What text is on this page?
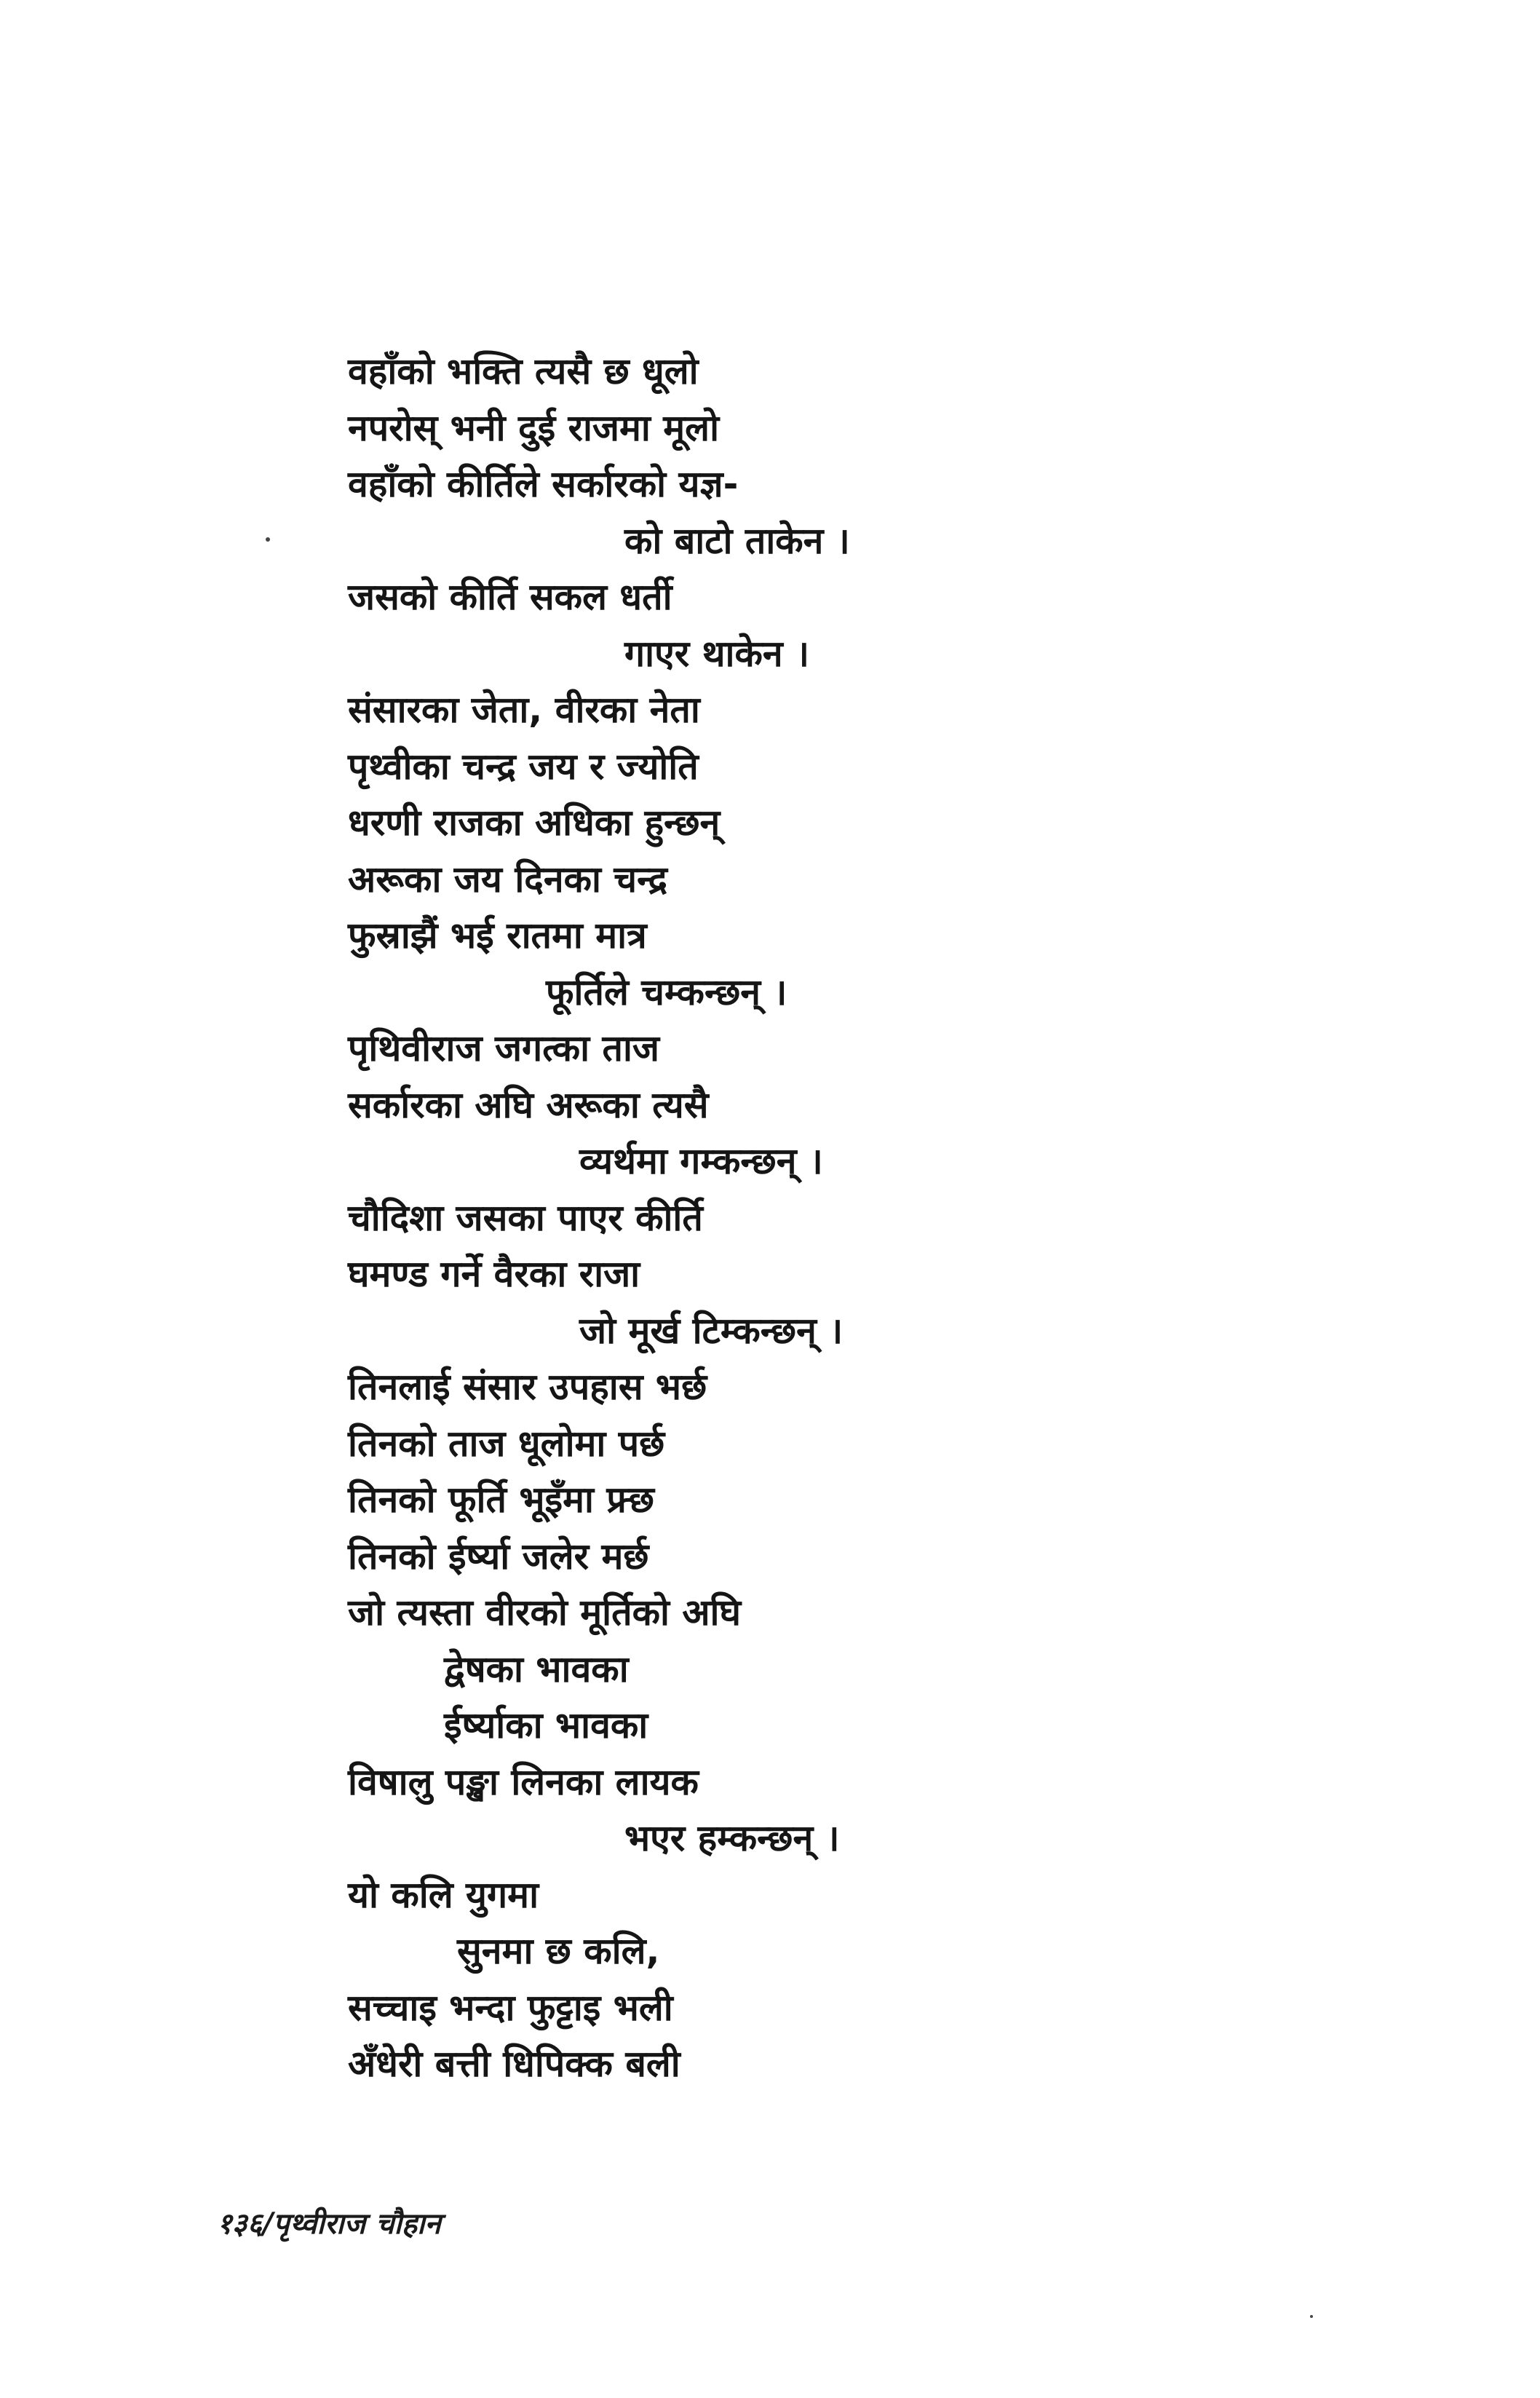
वहाँको भक्ति त्यसै छ धूलो
नपरोस् भनी दुई राजमा मूलो
वहाँको कीर्तिले सर्कारको यज्ञ-
को बाटो ताकेन ।
जसको कीर्ति सकल धर्ती
गाएर थाकेन ।
संसारका जेता, वीरका नेता
पृथ्वीका चन्द्र जय र ज्योति
धरणी राजका अधिका हुन्छन्
अरूका जय दिनका चन्द्र
फुस्राझैं भई रातमा मात्र
फूर्तिले चम्कन्छन् ।
पृथिवीराज जगत्का ताज
सर्कारका अघि अरूका त्यसै
व्यर्थमा गम्कन्छन् ।
चौदिशा जसका पाएर कीर्ति
घमण्ड गर्ने वैरका राजा
जो मूर्ख टिम्कन्छन् ।
तिनलाई संसार उपहास भर्छ
तिनको ताज धूलोमा पर्छ
तिनको फूर्ति भूइँमा फ्र्छ
तिनको ईर्ष्या जलेर मर्छ
जो त्यस्ता वीरको मूर्तिको अघि
द्वेषका भावका
ईर्ष्याका भावका
विषालु पङ्खा लिनका लायक
भएर हम्कन्छन् ।
यो कलि युगमा
सुनमा छ कलि,
सच्चाइ भन्दा फुट्टाइ भली
अँधेरी बत्ती धिपिक्क बली
१३६/पृथ्वीराज चौहान
